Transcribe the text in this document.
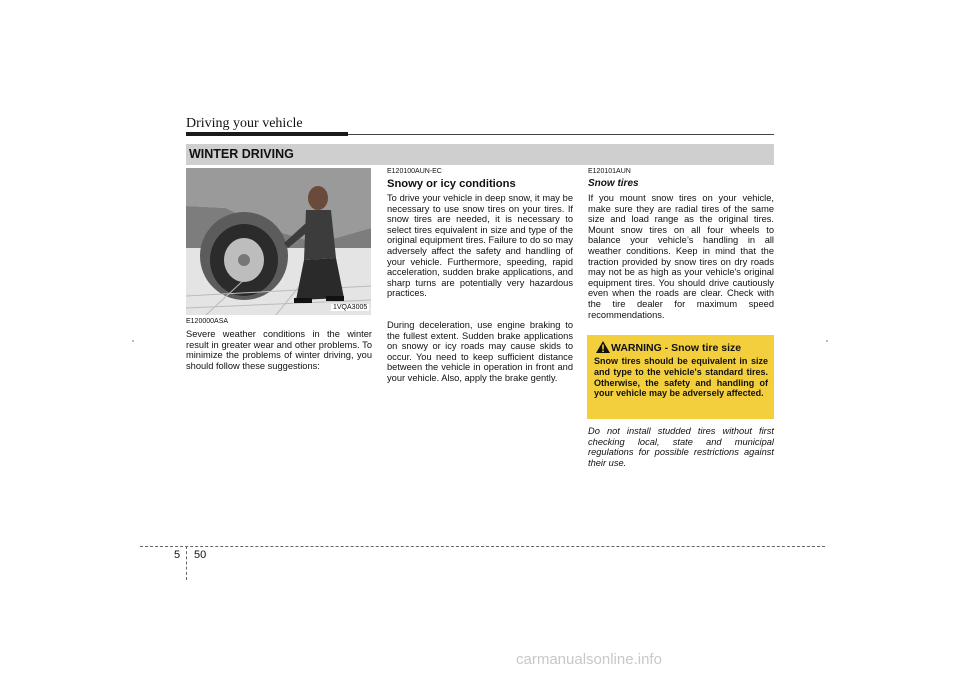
Driving your vehicle
WINTER DRIVING
1VQA3005
E120000ASA
Severe weather conditions in the winter result in greater wear and other problems. To minimize the problems of winter driving, you should follow these suggestions:
E120100AUN-EC
Snowy or icy conditions
To drive your vehicle in deep snow, it may be necessary to use snow tires on your tires. If snow tires are needed, it is necessary to select tires equivalent in size and type of the original equipment tires. Failure to do so may adversely affect the safety and handling of your vehicle. Furthermore, speeding, rapid acceleration, sudden brake applications, and sharp turns are potentially very hazardous practices.
During deceleration, use engine braking to the fullest extent. Sudden brake applications on snowy or icy roads may cause skids to occur. You need to keep sufficient distance between the vehicle in operation in front and your vehicle. Also, apply the brake gently.
E120101AUN
Snow tires
If you mount snow tires on your vehicle, make sure they are radial tires of the same size and load range as the original tires. Mount snow tires on all four wheels to balance your vehicle’s handling in all weather conditions. Keep in mind that the traction provided by snow tires on dry roads may not be as high as your vehicle's original equipment tires. You should drive cautiously even when the roads are clear. Check with the tire dealer for maximum speed recommendations.
WARNING - Snow tire size
Snow tires should be equivalent in size and type to the vehicle's standard tires. Otherwise, the safety and handling of your vehicle may be adversely affected.
Do not install studded tires without first checking local, state and municipal regulations for possible restrictions against their use.
5 50
carmanualsonline.info
